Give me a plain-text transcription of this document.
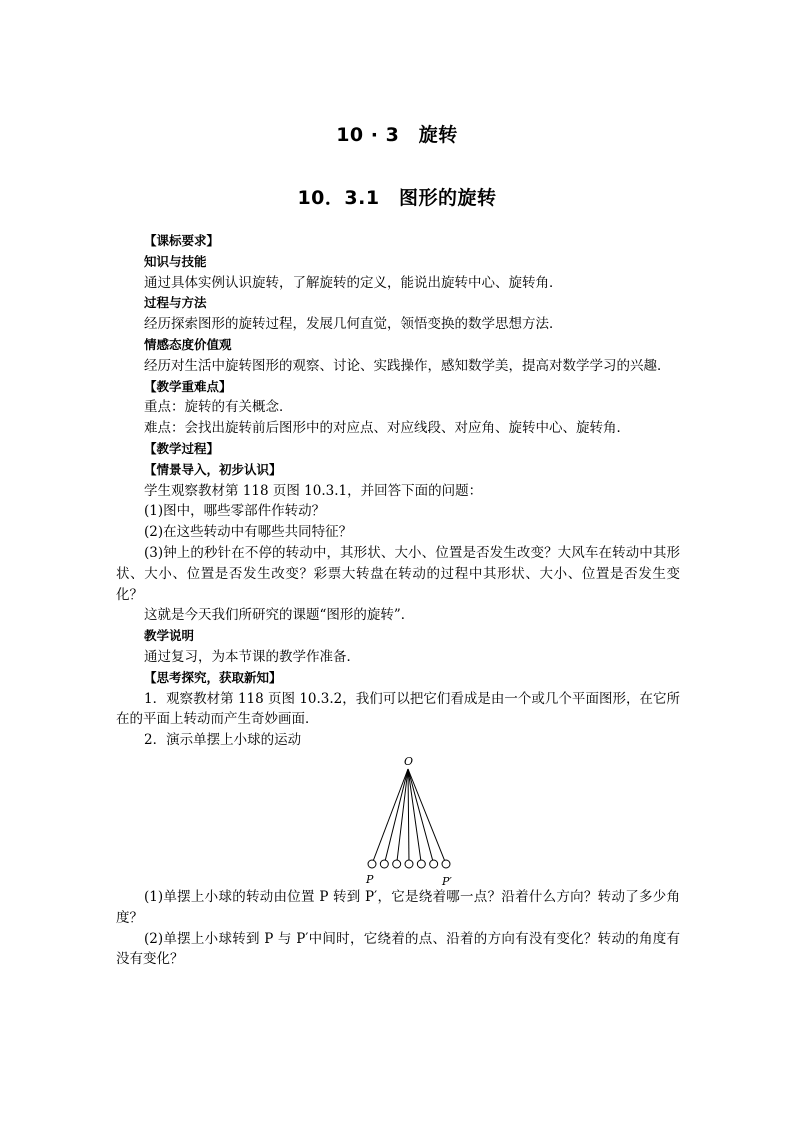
10 · 3　旋转
10．3.1　图形的旋转

【课标要求】

知识与技能

通过具体实例认识旋转，了解旋转的定义，能说出旋转中心、旋转角．

过程与方法

经历探索图形的旋转过程，发展几何直觉，领悟变换的数学思想方法．

情感态度价值观

经历对生活中旋转图形的观察、讨论、实践操作，感知数学美，提高对数学学习的兴趣．

【教学重难点】

重点：旋转的有关概念．

难点：会找出旋转前后图形中的对应点、对应线段、对应角、旋转中心、旋转角．

【教学过程】

【情景导入，初步认识】

学生观察教材第 118 页图 10.3.1，并回答下面的问题：

(1)图中，哪些零部件作转动？

(2)在这些转动中有哪些共同特征？

(3)钟上的秒针在不停的转动中，其形状、大小、位置是否发生改变？大风车在转动中其形状、大小、位置是否发生改变？彩票大转盘在转动的过程中其形状、大小、位置是否发生变化？

这就是今天我们所研究的课题“图形的旋转”．

教学说明

通过复习，为本节课的教学作准备．

【思考探究，获取新知】

1．观察教材第 118 页图 10.3.2，我们可以把它们看成是由一个或几个平面图形，在它所在的平面上转动而产生奇妙画面．

2．演示单摆上小球的运动

O
P	P′

(1)单摆上小球的转动由位置 P 转到 P′，它是绕着哪一点？沿着什么方向？转动了多少角度？

(2)单摆上小球转到 P 与 P′中间时，它绕着的点、沿着的方向有没有变化？转动的角度有没有变化？
